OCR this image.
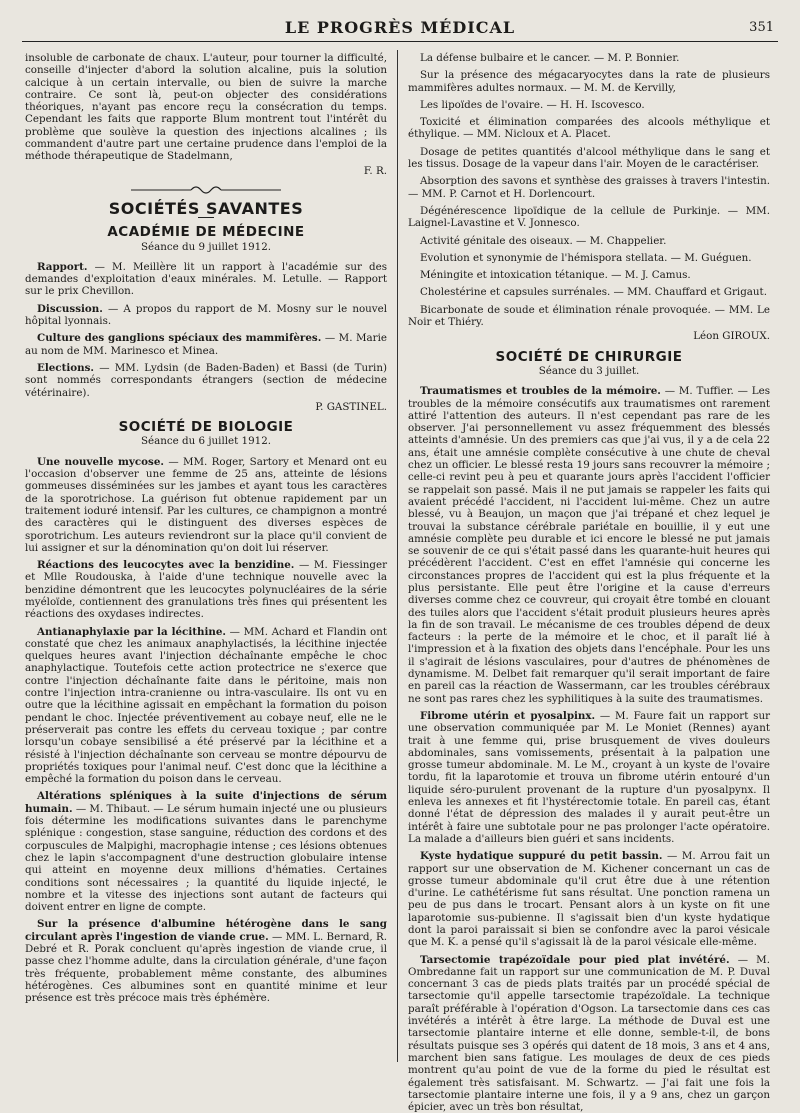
LE PROGRÈS MÉDICAL	351

insoluble de carbonate de chaux. L'auteur, pour tourner la difficulté, conseille d'injecter d'abord la solution alcaline, puis la solution calcique à un certain intervalle, ou bien de suivre la marche contraire. Ce sont là, peut-on objecter des considérations théoriques, n'ayant pas encore reçu la consécration du temps. Cependant les faits que rapporte Blum montrent tout l'intérêt du problème que soulève la question des injections alcalines ; ils commandent d'autre part une certaine prudence dans l'emploi de la méthode thérapeutique de Stadelmann,

F. R.

SOCIÉTÉS SAVANTES
ACADÉMIE DE MÉDECINE
Séance du 9 juillet 1912.

Rapport. — M. Meillère lit un rapport à l'académie sur des demandes d'exploitation d'eaux minérales. M. Letulle. — Rapport sur le prix Chevillon.

Discussion. — A propos du rapport de M. Mosny sur le nouvel hôpital lyonnais.

Culture des ganglions spéciaux des mammifères. — M. Marie au nom de MM. Marinesco et Minea.

Elections. — MM. Lydsin (de Baden-Baden) et Bassi (de Turin) sont nommés correspondants étrangers (section de médecine vétérinaire).

P. GASTINEL.

SOCIÉTÉ DE BIOLOGIE
Séance du 6 juillet 1912.

Une nouvelle mycose. — MM. Roger, Sartory et Menard ont eu l'occasion d'observer une femme de 25 ans, atteinte de lésions gommeuses disséminées sur les jambes et ayant tous les caractères de la sporotrichose. La guérison fut obtenue rapidement par un traitement ioduré intensif. Par les cultures, ce champignon a montré des caractères qui le distinguent des diverses espèces de sporotrichum. Les auteurs reviendront sur la place qu'il convient de lui assigner et sur la dénomination qu'on doit lui réserver.

Réactions des leucocytes avec la benzidine. — M. Fiessinger et Mlle Roudouska, à l'aide d'une technique nouvelle avec la benzidine démontrent que les leucocytes polynucléaires de la série myéloïde, contiennent des granulations très fines qui présentent les réactions des oxydases indirectes.

Antianaphylaxie par la lécithine. — MM. Achard et Flandin ont constaté que chez les animaux anaphylactisés, la lécithine injectée quelques heures avant l'injection déchaînante empêche le choc anaphylactique. Toutefois cette action protectrice ne s'exerce que contre l'injection déchaînante faite dans le péritoine, mais non contre l'injection intra-cranienne ou intra-vasculaire. Ils ont vu en outre que la lécithine agissait en empêchant la formation du poison pendant le choc. Injectée préventivement au cobaye neuf, elle ne le préserverait pas contre les effets du cerveau toxique ; par contre lorsqu'un cobaye sensibilisé a été préservé par la lécithine et a résisté à l'injection déchaînante son cerveau se montre dépourvu de propriétés toxiques pour l'animal neuf. C'est donc que la lécithine a empêché la formation du poison dans le cerveau.

Altérations spléniques à la suite d'injections de sérum humain. — M. Thibaut. — Le sérum humain injecté une ou plusieurs fois détermine les modifications suivantes dans le parenchyme splénique : congestion, stase sanguine, réduction des cordons et des corpuscules de Malpighi, macrophagie intense ; ces lésions obtenues chez le lapin s'accompagnent d'une destruction globulaire intense qui atteint en moyenne deux millions d'hématies. Certaines conditions sont nécessaires ; la quantité du liquide injecté, le nombre et la vitesse des injections sont autant de facteurs qui doivent entrer en ligne de compte.

Sur la présence d'albumine hétérogène dans le sang circulant après l'ingestion de viande crue. — MM. L. Bernard, R. Debré et R. Porak concluent qu'après ingestion de viande crue, il passe chez l'homme adulte, dans la circulation générale, d'une façon très fréquente, probablement même constante, des albumines hétérogènes. Ces albumines sont en quantité minime et leur présence est très précoce mais très éphémère.

La défense bulbaire et le cancer. — M. P. Bonnier.

Sur la présence des mégacaryocytes dans la rate de plusieurs mammifères adultes normaux. — M. M. de Kervilly,

Les lipoïdes de l'ovaire. — H. H. Iscovesco.

Toxicité et élimination comparées des alcools méthylique et éthylique. — MM. Nicloux et A. Placet.

Dosage de petites quantités d'alcool méthylique dans le sang et les tissus. Dosage de la vapeur dans l'air. Moyen de le caractériser.

Absorption des savons et synthèse des graisses à travers l'intestin. — MM. P. Carnot et H. Dorlencourt.

Dégénérescence lipoïdique de la cellule de Purkinje. — MM. Laignel-Lavastine et V. Jonnesco.

Activité génitale des oiseaux. — M. Chappelier.

Evolution et synonymie de l'hémispora stellata. — M. Guéguen.

Méningite et intoxication tétanique. — M. J. Camus.

Cholestérine et capsules surrénales. — MM. Chauffard et Grigaut.

Bicarbonate de soude et élimination rénale provoquée. — MM. Le Noir et Thiéry.

Léon GIROUX.

SOCIÉTÉ DE CHIRURGIE
Séance du 3 juillet.

Traumatismes et troubles de la mémoire. — M. Tuffier. — Les troubles de la mémoire consécutifs aux traumatismes ont rarement attiré l'attention des auteurs. Il n'est cependant pas rare de les observer. J'ai personnellement vu assez fréquemment des blessés atteints d'amnésie. Un des premiers cas que j'ai vus, il y a de cela 22 ans, était une amnésie complète consécutive à une chute de cheval chez un officier. Le blessé resta 19 jours sans recouvrer la mémoire ; celle-ci revint peu à peu et quarante jours après l'accident l'officier se rappelait son passé. Mais il ne put jamais se rappeler les faits qui avaient précédé l'accident, ni l'accident lui-même. Chez un autre blessé, vu à Beaujon, un maçon que j'ai trépané et chez lequel je trouvai la substance cérébrale pariétale en bouillie, il y eut une amnésie complète peu durable et ici encore le blessé ne put jamais se souvenir de ce qui s'était passé dans les quarante-huit heures qui précédèrent l'accident. C'est en effet l'amnésie qui concerne les circonstances propres de l'accident qui est la plus fréquente et la plus persistante. Elle peut être l'origine et la cause d'erreurs diverses comme chez ce couvreur, qui croyait être tombé en clouant des tuiles alors que l'accident s'était produit plusieurs heures après la fin de son travail. Le mécanisme de ces troubles dépend de deux facteurs : la perte de la mémoire et le choc, et il paraît lié à l'impression et à la fixation des objets dans l'encéphale. Pour les uns il s'agirait de lésions vasculaires, pour d'autres de phénomènes de dynamisme. M. Delbet fait remarquer qu'il serait important de faire en pareil cas la réaction de Wassermann, car les troubles cérébraux ne sont pas rares chez les syphilitiques à la suite des traumatismes.

Fibrome utérin et pyosalpinx. — M. Faure fait un rapport sur une observation communiquée par M. Le Moniet (Rennes) ayant trait à une femme qui, prise brusquement de vives douleurs abdominales, sans vomissements, présentait à la palpation une grosse tumeur abdominale. M. Le M., croyant à un kyste de l'ovaire tordu, fit la laparotomie et trouva un fibrome utérin entouré d'un liquide séro-purulent provenant de la rupture d'un pyosalpynx. Il enleva les annexes et fit l'hystérectomie totale. En pareil cas, étant donné l'état de dépression des malades il y aurait peut-être un intérêt à faire une subtotale pour ne pas prolonger l'acte opératoire. La malade a d'ailleurs bien guéri et sans incidents.

Kyste hydatique suppuré du petit bassin. — M. Arrou fait un rapport sur une observation de M. Kichener concernant un cas de grosse tumeur abdominale qu'il crut être due à une rétention d'urine. Le cathétérisme fut sans résultat. Une ponction ramena un peu de pus dans le trocart. Pensant alors à un kyste on fit une laparotomie sus-pubienne. Il s'agissait bien d'un kyste hydatique dont la paroi paraissait si bien se confondre avec la paroi vésicale que M. K. a pensé qu'il s'agissait là de la paroi vésicale elle-même.

Tarsectomie trapézoïdale pour pied plat invétéré. — M. Ombredanne fait un rapport sur une communication de M. P. Duval concernant 3 cas de pieds plats traités par un procédé spécial de tarsectomie qu'il appelle tarsectomie trapézoïdale. La technique paraît préférable à l'opération d'Ogson. La tarsectomie dans ces cas invétérés a intérêt à être large. La méthode de Duval est une tarsectomie plantaire interne et elle donne, semble-t-il, de bons résultats puisque ses 3 opérés qui datent de 18 mois, 3 ans et 4 ans, marchent bien sans fatigue. Les moulages de deux de ces pieds montrent qu'au point de vue de la forme du pied le résultat est également très satisfaisant. M. Schwartz. — J'ai fait une fois la tarsectomie plantaire interne une fois, il y a 9 ans, chez un garçon épicier, avec un très bon résultat,
